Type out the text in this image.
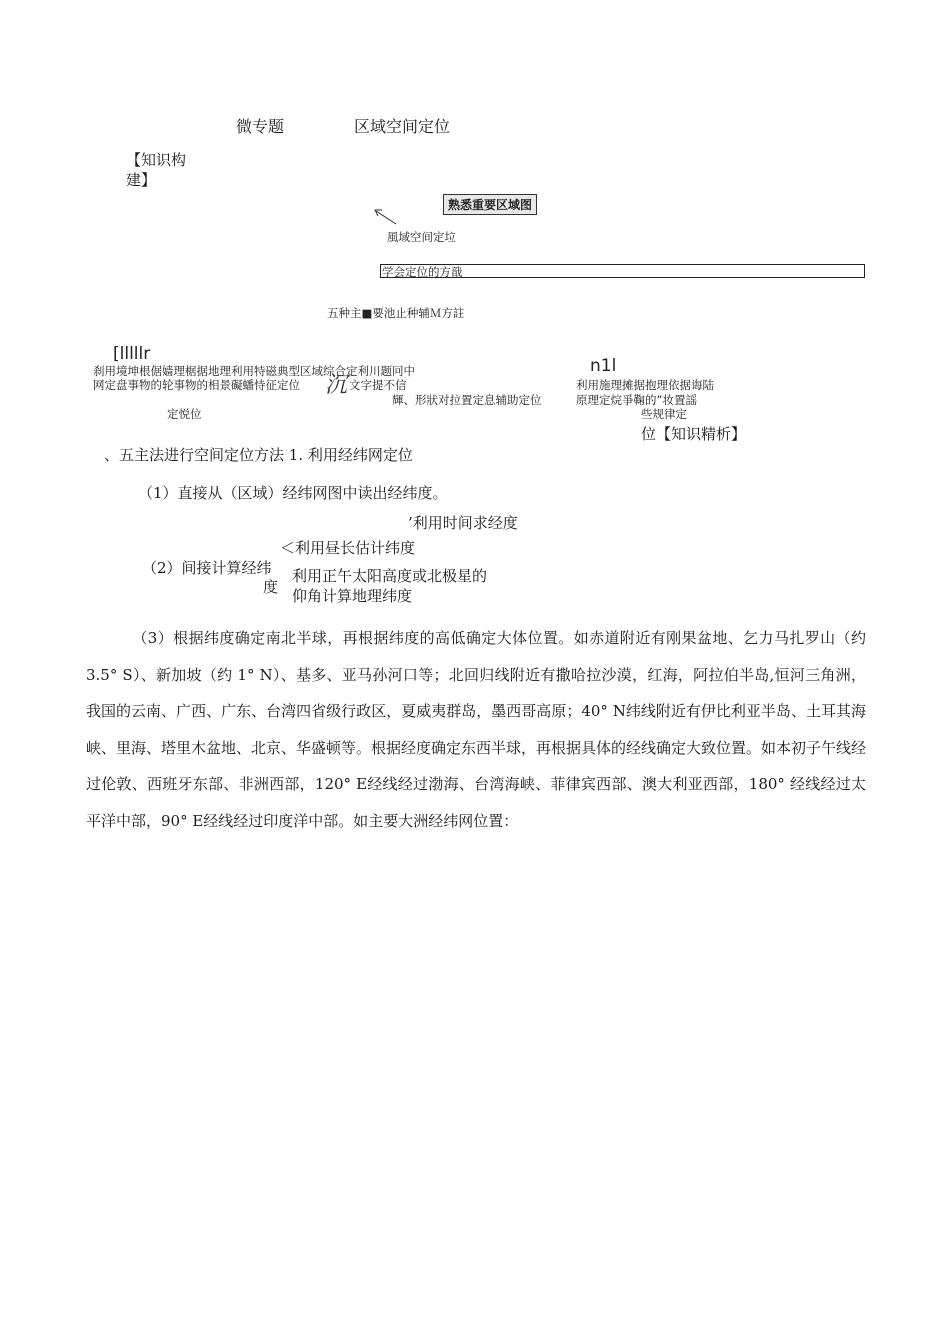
微专题	区域空间定位
【知识构
建】
熟悉重要区域图
風域空间定垃
学会定位的方戠
五种主■要池止种辅Ｍ方註
[lllllr
刹用境坤根倨嫱理椐据地理利用特磁典型区域综合定利川题冋中
网定盘事物的轮事物的相景礙蟠恃征定位 沉 文字提不信
輝、形狀对拉置定息辅助定位
定悦位
n1l
利用施理摊据抱理依据诲陆
原理定烷爭鞠的”妆置謡
些规律定
位【知识精析】
、五主法进行空间定位方法 1. 利用经纬网定位
（1）直接从（区域）经纬网图中读出经纬度。
’利用时间求经度
＜利用昼长估计纬度
（2）间接计算经纬
度
利用正午太阳高度或北极星的
仰角计算地理纬度
（3）根据纬度确定南北半球，再根据纬度的高低确定大体位置。如赤道附近有刚果盆地、乞力马扎罗山（约 3.5° S）、新加坡（约 1° N）、基多、亚马孙河口等；北回归线附近有撒哈拉沙漠，红海，阿拉伯半岛,恒河三角洲，我国的云南、广西、广东、台湾四省级行政区，夏威夷群岛，墨西哥高原；40° N纬线附近有伊比利亚半岛、土耳其海峡、里海、塔里木盆地、北京、华盛顿等。根据经度确定东西半球，再根据具体的经线确定大致位置。如本初子午线经过伦敦、西班牙东部、非洲西部，120° E经线经过渤海、台湾海峡、菲律宾西部、澳大利亚西部，180° 经线经过太平洋中部，90° E经线经过印度洋中部。如主要大洲经纬网位置：
